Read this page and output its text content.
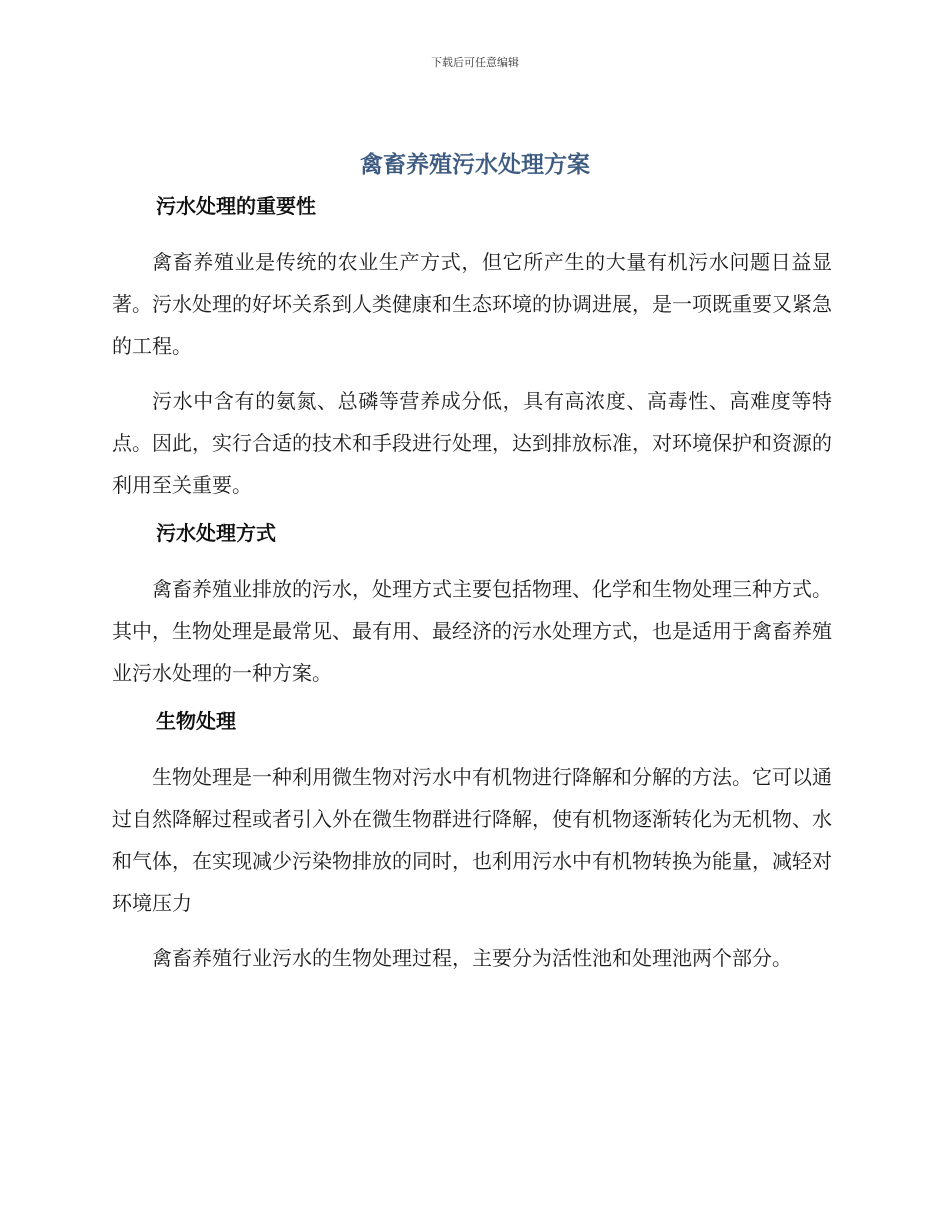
下载后可任意编辑
禽畜养殖污水处理方案
污水处理的重要性

禽畜养殖业是传统的农业生产方式，但它所产生的大量有机污水问题日益显著。污水处理的好坏关系到人类健康和生态环境的协调进展，是一项既重要又紧急的工程。

污水中含有的氨氮、总磷等营养成分低，具有高浓度、高毒性、高难度等特点。因此，实行合适的技术和手段进行处理，达到排放标准，对环境保护和资源的利用至关重要。

污水处理方式

禽畜养殖业排放的污水，处理方式主要包括物理、化学和生物处理三种方式。其中，生物处理是最常见、最有用、最经济的污水处理方式，也是适用于禽畜养殖业污水处理的一种方案。

生物处理

生物处理是一种利用微生物对污水中有机物进行降解和分解的方法。它可以通过自然降解过程或者引入外在微生物群进行降解，使有机物逐渐转化为无机物、水和气体，在实现减少污染物排放的同时，也利用污水中有机物转换为能量，减轻对环境压力

禽畜养殖行业污水的生物处理过程，主要分为活性池和处理池两个部分。
